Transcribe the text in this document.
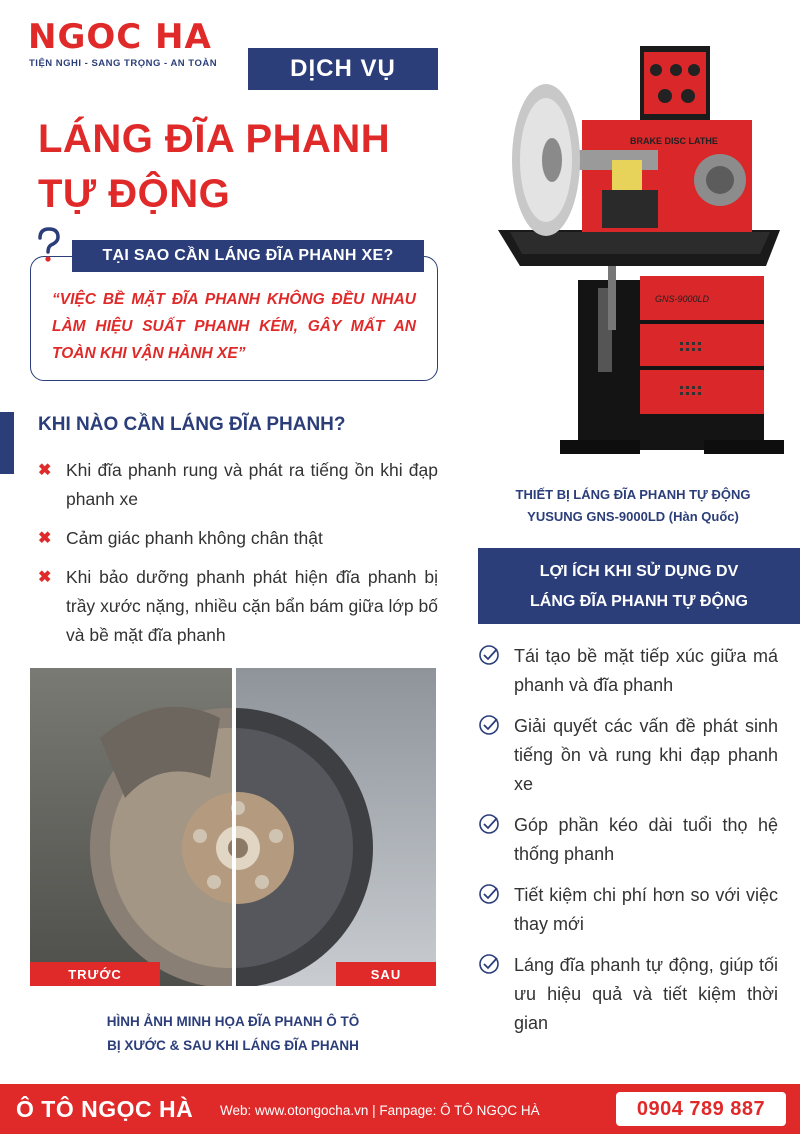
NGOC HA
TIỆN NGHI - SANG TRỌNG - AN TOÀN	DỊCH VỤ
LÁNG ĐĨA PHANH
TỰ ĐỘNG
TẠI SAO CẦN LÁNG ĐĨA PHANH XE?
“VIỆC BỀ MẶT ĐĨA PHANH KHÔNG ĐỀU NHAU LÀM HIỆU SUẤT PHANH KÉM, GÂY MẤT AN TOÀN KHI VẬN HÀNH XE”
KHI NÀO CẦN LÁNG ĐĨA PHANH?
✖ Khi đĩa phanh rung và phát ra tiếng ồn khi đạp phanh xe
✖ Cảm giác phanh không chân thật
✖ Khi bảo dưỡng phanh phát hiện đĩa phanh bị trầy xước nặng, nhiều cặn bẩn bám giữa lớp bố và bề mặt đĩa phanh
GNS-9000LD
BRAKE DISC LATHE
THIẾT BỊ LÁNG ĐĨA PHANH TỰ ĐỘNG
YUSUNG GNS-9000LD (Hàn Quốc)
LỢI ÍCH KHI SỬ DỤNG DV
LÁNG ĐĨA PHANH TỰ ĐỘNG
Tái tạo bề mặt tiếp xúc giữa má phanh và đĩa phanh
Giải quyết các vấn đề phát sinh tiếng ồn và rung khi đạp phanh xe
Góp phần kéo dài tuổi thọ hệ thống phanh
Tiết kiệm chi phí hơn so với việc thay mới
Láng đĩa phanh tự động, giúp tối ưu hiệu quả và tiết kiệm thời gian
TRƯỚC	SAU
HÌNH ẢNH MINH HỌA ĐĨA PHANH Ô TÔ
BỊ XƯỚC & SAU KHI LÁNG ĐĨA PHANH
Ô TÔ NGỌC HÀ Web: www.otongocha.vn | Fanpage: Ô TÔ NGỌC HÀ	0904 789 887
